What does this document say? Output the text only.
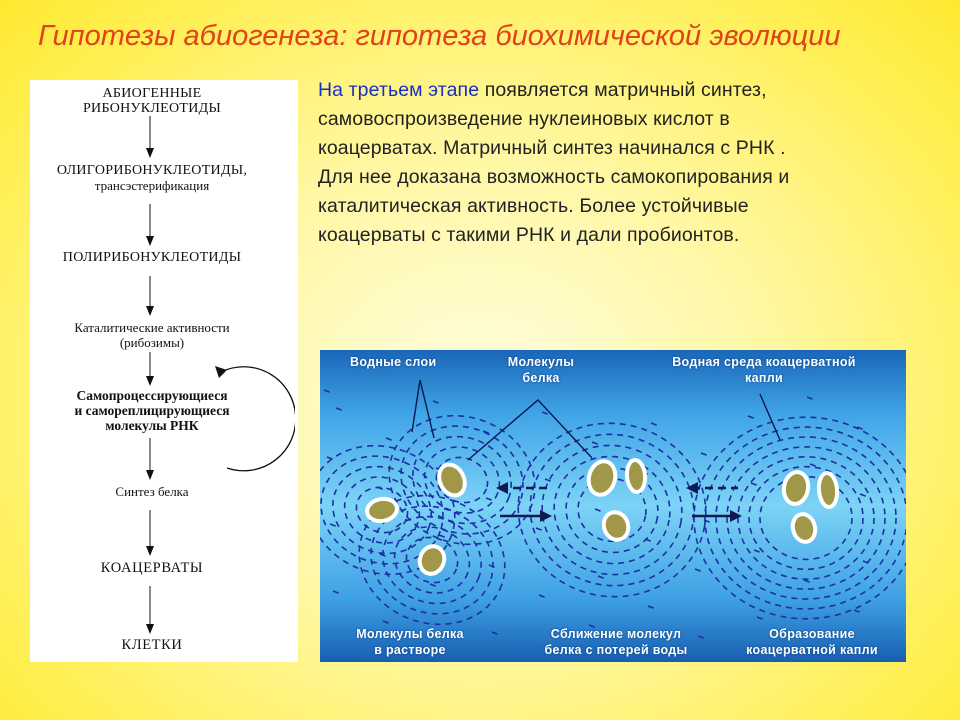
Гипотезы абиогенеза: гипотеза биохимической эволюции
АБИОГЕННЫЕ
РИБОНУКЛЕОТИДЫ
ОЛИГОРИБОНУКЛЕОТИДЫ,
трансэстерификация
ПОЛИРИБОНУКЛЕОТИДЫ
Каталитические активности
(рибозимы)
Самопроцессирующиеся
и самореплицирующиеся
молекулы РНК
Синтез белка
КОАЦЕРВАТЫ
КЛЕТКИ
На третьем этапе появляется матричный синтез,
самовоспроизведение нуклеиновых кислот в
коацерватах. Матричный синтез начинался с РНК .
Для нее доказана возможность самокопирования и
каталитическая активность. Более устойчивые
коацерваты с такими РНК и дали пробионтов.
Водные слои	Молекулы
белка
Водная среда коацерватной
капли
Молекулы белка
в растворе
Сближение молекул
белка с потерей воды
Образование
коацерватной капли
